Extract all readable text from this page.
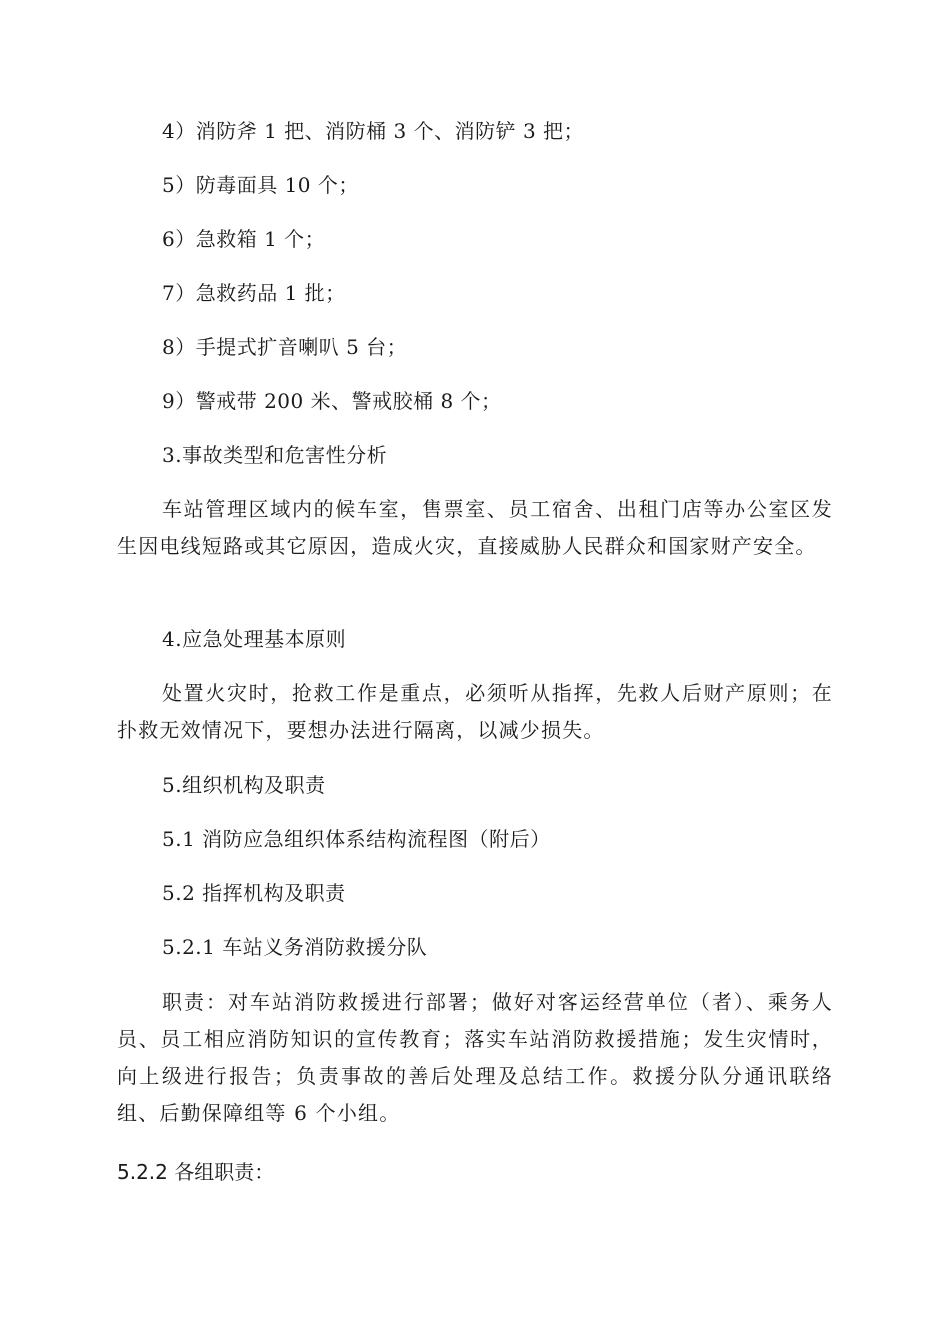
4）消防斧 1 把、消防桶 3 个、消防铲 3 把；
5）防毒面具 10 个；
6）急救箱 1 个；
7）急救药品 1 批；
8）手提式扩音喇叭 5 台；
9）警戒带 200 米、警戒胶桶 8 个；
3.事故类型和危害性分析
车站管理区域内的候车室，售票室、员工宿舍、出租门店等办公室区发生因电线短路或其它原因，造成火灾，直接威胁人民群众和国家财产安全。
4.应急处理基本原则
处置火灾时，抢救工作是重点，必须听从指挥，先救人后财产原则；在扑救无效情况下，要想办法进行隔离，以减少损失。
5.组织机构及职责
5.1 消防应急组织体系结构流程图（附后）
5.2 指挥机构及职责
5.2.1 车站义务消防救援分队
职责：对车站消防救援进行部署；做好对客运经营单位（者）、乘务人员、员工相应消防知识的宣传教育；落实车站消防救援措施；发生灾情时，向上级进行报告；负责事故的善后处理及总结工作。救援分队分通讯联络组、后勤保障组等 6 个小组。
5.2.2 各组职责：
